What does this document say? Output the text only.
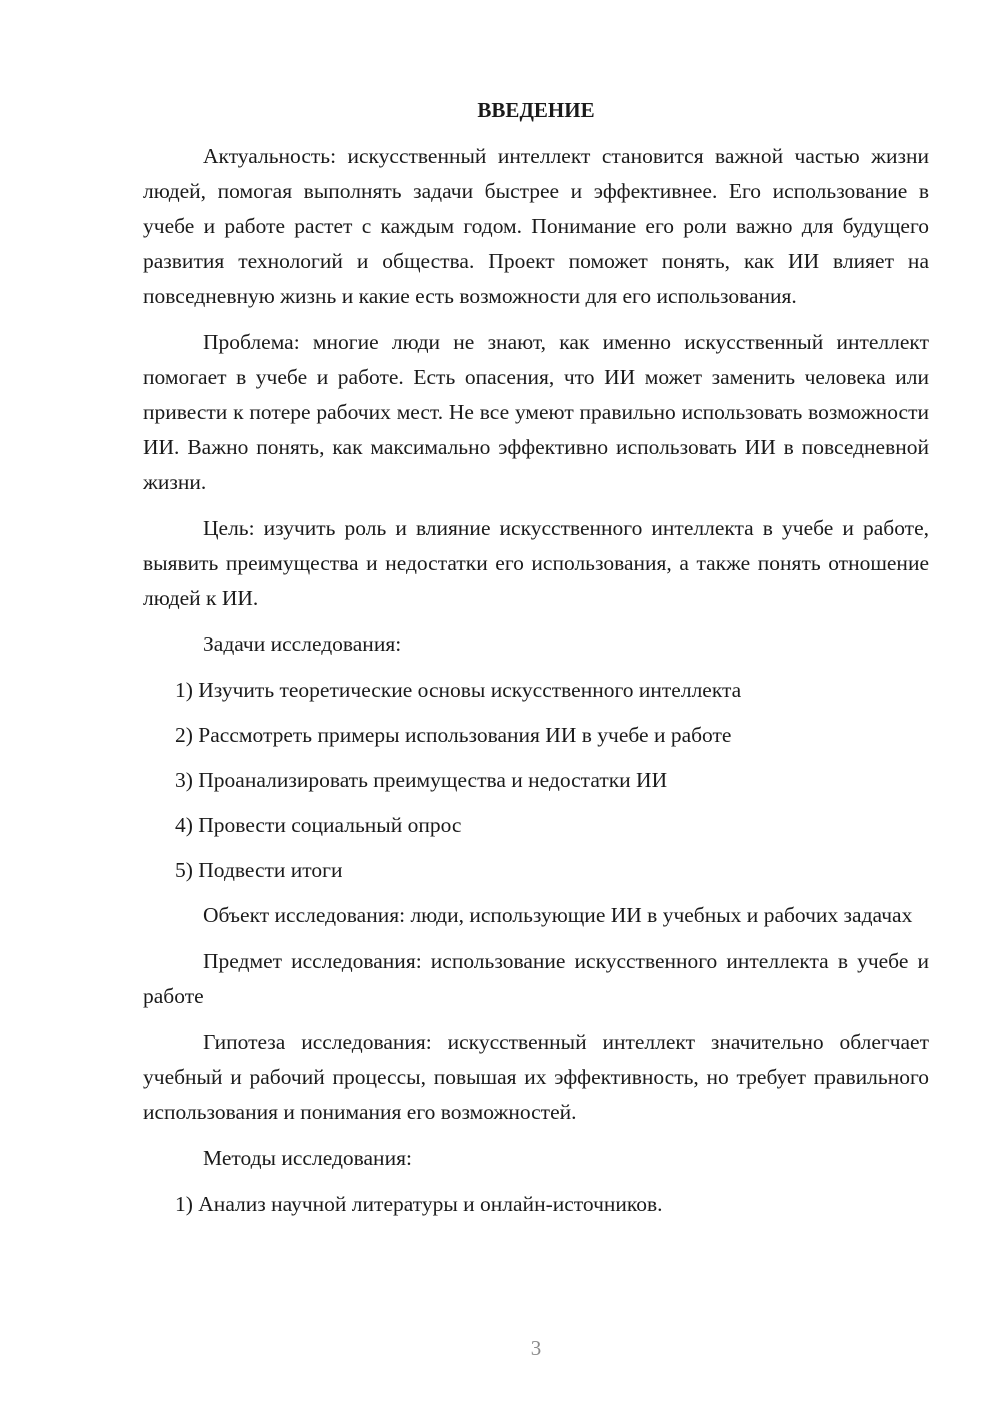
ВВЕДЕНИЕ

Актуальность: искусственный интеллект становится важной частью жизни людей, помогая выполнять задачи быстрее и эффективнее. Его использование в учебе и работе растет с каждым годом. Понимание его роли важно для будущего развития технологий и общества. Проект поможет понять, как ИИ влияет на повседневную жизнь и какие есть возможности для его использования.

Проблема: многие люди не знают, как именно искусственный интеллект помогает в учебе и работе. Есть опасения, что ИИ может заменить человека или привести к потере рабочих мест. Не все умеют правильно использовать возможности ИИ. Важно понять, как максимально эффективно использовать ИИ в повседневной жизни.

Цель: изучить роль и влияние искусственного интеллекта в учебе и работе, выявить преимущества и недостатки его использования, а также понять отношение людей к ИИ.

Задачи исследования:

1) Изучить теоретические основы искусственного интеллекта

2) Рассмотреть примеры использования ИИ в учебе и работе

3) Проанализировать преимущества и недостатки ИИ

4) Провести социальный опрос

5) Подвести итоги

Объект исследования: люди, использующие ИИ в учебных и рабочих задачах

Предмет исследования: использование искусственного интеллекта в учебе и работе

Гипотеза исследования: искусственный интеллект значительно облегчает учебный и рабочий процессы, повышая их эффективность, но требует правильного использования и понимания его возможностей.

Методы исследования:

1) Анализ научной литературы и онлайн-источников.

3
